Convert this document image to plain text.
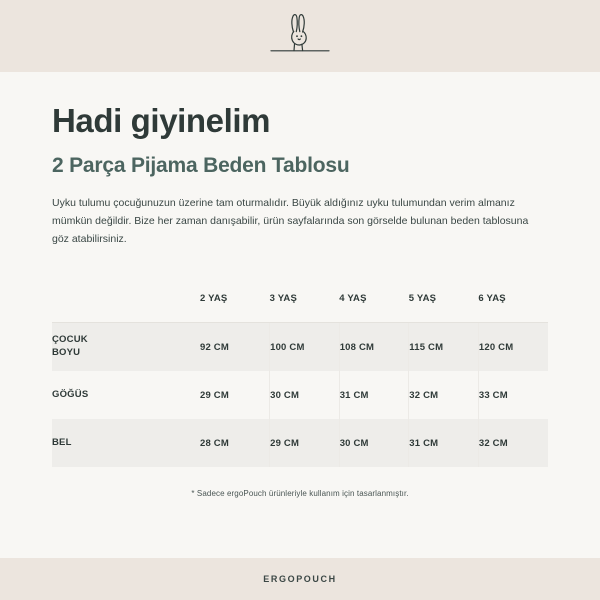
Hadi giyinelim
2 Parça Pijama Beden Tablosu

Uyku tulumu çocuğunuzun üzerine tam oturmalıdır. Büyük aldığınız uyku tulumundan verim almanız mümkün değildir. Bize her zaman danışabilir, ürün sayfalarında son görselde bulunan beden tablosuna göz atabilirsiniz.

	2 YAŞ	3 YAŞ	4 YAŞ	5 YAŞ	6 YAŞ

ÇOCUK
BOYU	92 CM	100 CM	108 CM	115 CM	120 CM
GÖĞÜS	29 CM	30 CM	31 CM	32 CM	33 CM
BEL	28 CM	29 CM	30 CM	31 CM	32 CM
* Sadece ergoPouch ürünleriyle kullanım için tasarlanmıştır.
ERGOPOUCH
